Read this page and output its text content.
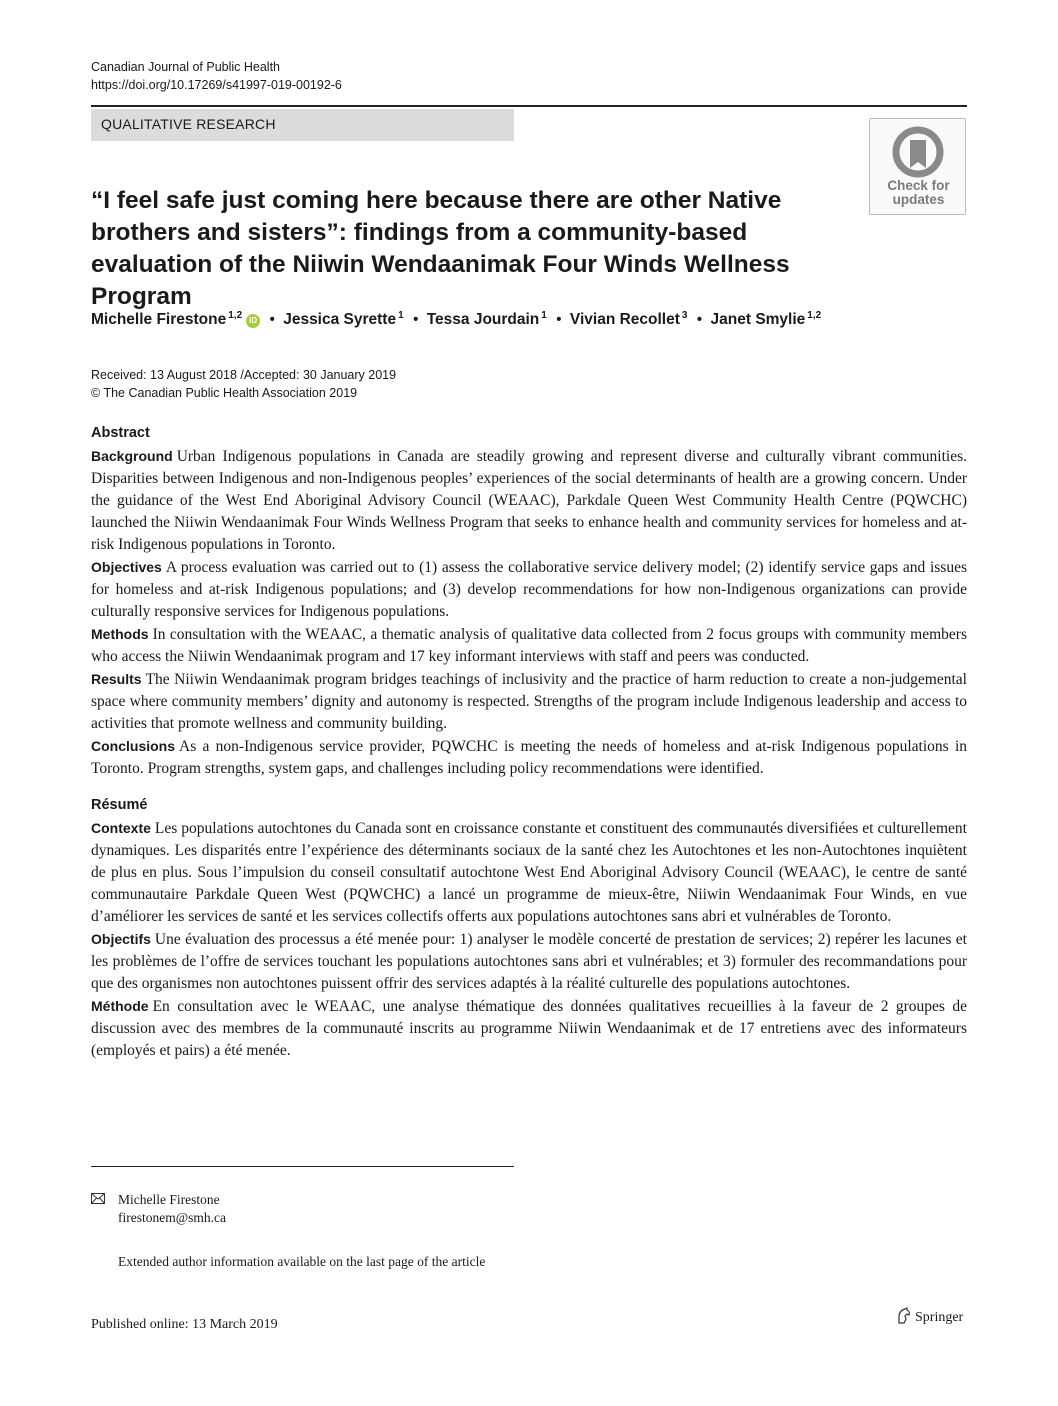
Canadian Journal of Public Health
https://doi.org/10.17269/s41997-019-00192-6
QUALITATIVE RESEARCH
Check for
updates
“I feel safe just coming here because there are other Native brothers and sisters”: findings from a community-based evaluation of the Niiwin Wendaanimak Four Winds Wellness Program
Michelle Firestone $^{1,2}$ iD • Jessica Syrette $^1$ • Tessa Jourdain $^1$ • Vivian Recollet $^3$ • Janet Smylie $^{1,2}$
Received: 13 August 2018 /Accepted: 30 January 2019
© The Canadian Public Health Association 2019
Abstract
Background Urban Indigenous populations in Canada are steadily growing and represent diverse and culturally vibrant communities. Disparities between Indigenous and non-Indigenous peoples’ experiences of the social determinants of health are a growing concern. Under the guidance of the West End Aboriginal Advisory Council (WEAAC), Parkdale Queen West Community Health Centre (PQWCHC) launched the Niiwin Wendaanimak Four Winds Wellness Program that seeks to enhance health and community services for homeless and at-risk Indigenous populations in Toronto.
Objectives A process evaluation was carried out to (1) assess the collaborative service delivery model; (2) identify service gaps and issues for homeless and at-risk Indigenous populations; and (3) develop recommendations for how non-Indigenous organizations can provide culturally responsive services for Indigenous populations.
Methods In consultation with the WEAAC, a thematic analysis of qualitative data collected from 2 focus groups with community members who access the Niiwin Wendaanimak program and 17 key informant interviews with staff and peers was conducted.
Results The Niiwin Wendaanimak program bridges teachings of inclusivity and the practice of harm reduction to create a non-judgemental space where community members’ dignity and autonomy is respected. Strengths of the program include Indigenous leadership and access to activities that promote wellness and community building.
Conclusions As a non-Indigenous service provider, PQWCHC is meeting the needs of homeless and at-risk Indigenous populations in Toronto. Program strengths, system gaps, and challenges including policy recommendations were identified.
Résumé
Contexte Les populations autochtones du Canada sont en croissance constante et constituent des communautés diversifiées et culturellement dynamiques. Les disparités entre l’expérience des déterminants sociaux de la santé chez les Autochtones et les non-Autochtones inquiètent de plus en plus. Sous l’impulsion du conseil consultatif autochtone West End Aboriginal Advisory Council (WEAAC), le centre de santé communautaire Parkdale Queen West (PQWCHC) a lancé un programme de mieux-être, Niiwin Wendaanimak Four Winds, en vue d’améliorer les services de santé et les services collectifs offerts aux populations autochtones sans abri et vulnérables de Toronto.
Objectifs Une évaluation des processus a été menée pour: 1) analyser le modèle concerté de prestation de services; 2) repérer les lacunes et les problèmes de l’offre de services touchant les populations autochtones sans abri et vulnérables; et 3) formuler des recommandations pour que des organismes non autochtones puissent offrir des services adaptés à la réalité culturelle des populations autochtones.
Méthode En consultation avec le WEAAC, une analyse thématique des données qualitatives recueillies à la faveur de 2 groupes de discussion avec des membres de la communauté inscrits au programme Niiwin Wendaanimak et de 17 entretiens avec des informateurs (employés et pairs) a été menée.
Michelle Firestone
firestonem@smh.ca
Extended author information available on the last page of the article
Published online: 13 March 2019	Springer
